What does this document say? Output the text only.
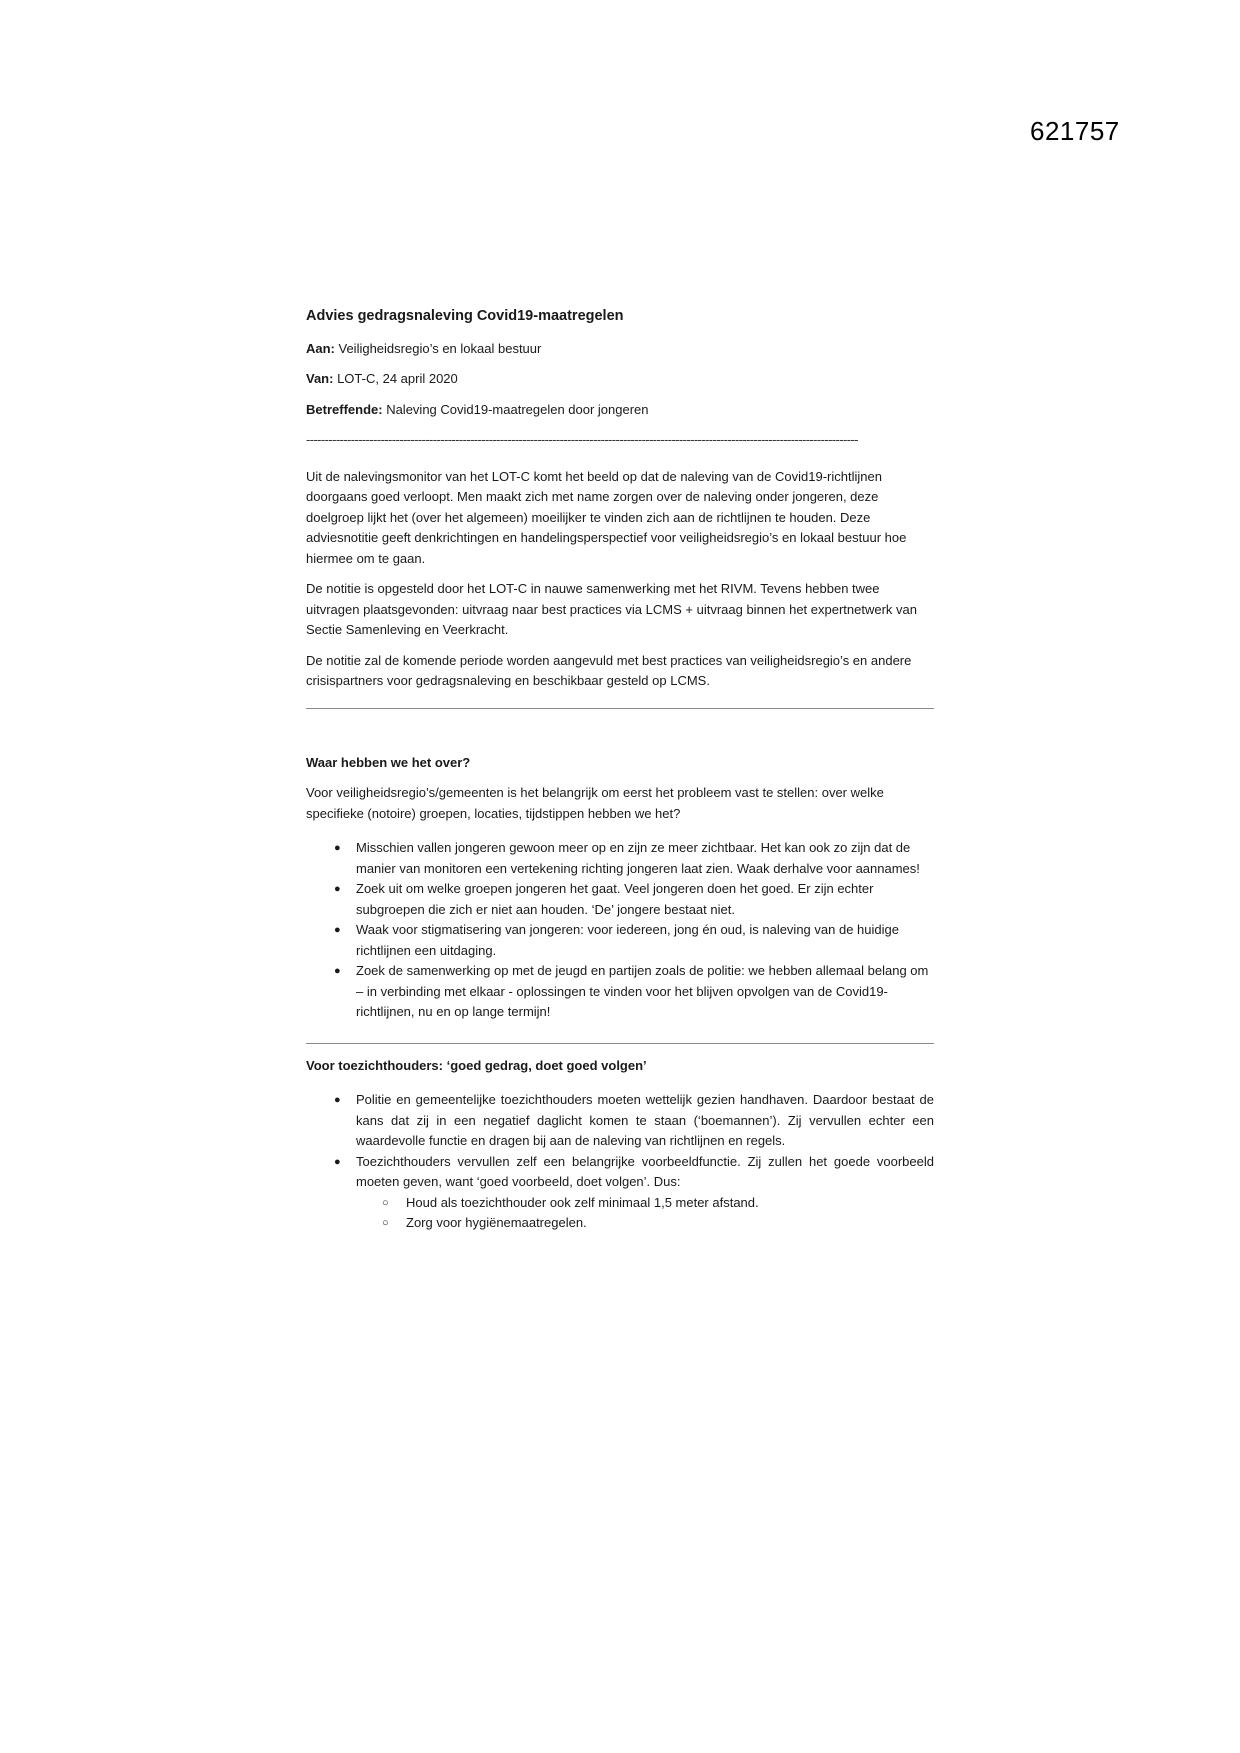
621757
Advies gedragsnaleving Covid19-maatregelen
Aan: Veiligheidsregio’s en lokaal bestuur
Van: LOT-C, 24 april 2020
Betreffende: Naleving Covid19-maatregelen door jongeren
----------------------------------------------------------------------------------------------------------------------------------------------------

Uit de nalevingsmonitor van het LOT-C komt het beeld op dat de naleving van de Covid19-richtlijnen doorgaans goed verloopt. Men maakt zich met name zorgen over de naleving onder jongeren, deze doelgroep lijkt het (over het algemeen) moeilijker te vinden zich aan de richtlijnen te houden. Deze adviesnotitie geeft denkrichtingen en handelingsperspectief voor veiligheidsregio’s en lokaal bestuur hoe hiermee om te gaan.

De notitie is opgesteld door het LOT-C in nauwe samenwerking met het RIVM. Tevens hebben twee uitvragen plaatsgevonden: uitvraag naar best practices via LCMS + uitvraag binnen het expertnetwerk van Sectie Samenleving en Veerkracht.

De notitie zal de komende periode worden aangevuld met best practices van veiligheidsregio’s en andere crisispartners voor gedragsnaleving en beschikbaar gesteld op LCMS.

Waar hebben we het over?

Voor veiligheidsregio’s/gemeenten is het belangrijk om eerst het probleem vast te stellen: over welke specifieke (notoire) groepen, locaties, tijdstippen hebben we het?

● Misschien vallen jongeren gewoon meer op en zijn ze meer zichtbaar. Het kan ook zo zijn dat de manier van monitoren een vertekening richting jongeren laat zien. Waak derhalve voor aannames!
● Zoek uit om welke groepen jongeren het gaat. Veel jongeren doen het goed. Er zijn echter subgroepen die zich er niet aan houden. ‘De’ jongere bestaat niet.
● Waak voor stigmatisering van jongeren: voor iedereen, jong én oud, is naleving van de huidige richtlijnen een uitdaging.
● Zoek de samenwerking op met de jeugd en partijen zoals de politie: we hebben allemaal belang om – in verbinding met elkaar - oplossingen te vinden voor het blijven opvolgen van de Covid19-richtlijnen, nu en op lange termijn!
Voor toezichthouders: ‘goed gedrag, doet goed volgen’
● Politie en gemeentelijke toezichthouders moeten wettelijk gezien handhaven. Daardoor bestaat de kans dat zij in een negatief daglicht komen te staan (‘boemannen’). Zij vervullen echter een waardevolle functie en dragen bij aan de naleving van richtlijnen en regels.
● Toezichthouders vervullen zelf een belangrijke voorbeeldfunctie. Zij zullen het goede voorbeeld moeten geven, want ‘goed voorbeeld, doet volgen’. Dus:
○ Houd als toezichthouder ook zelf minimaal 1,5 meter afstand.
○ Zorg voor hygiënemaatregelen.
